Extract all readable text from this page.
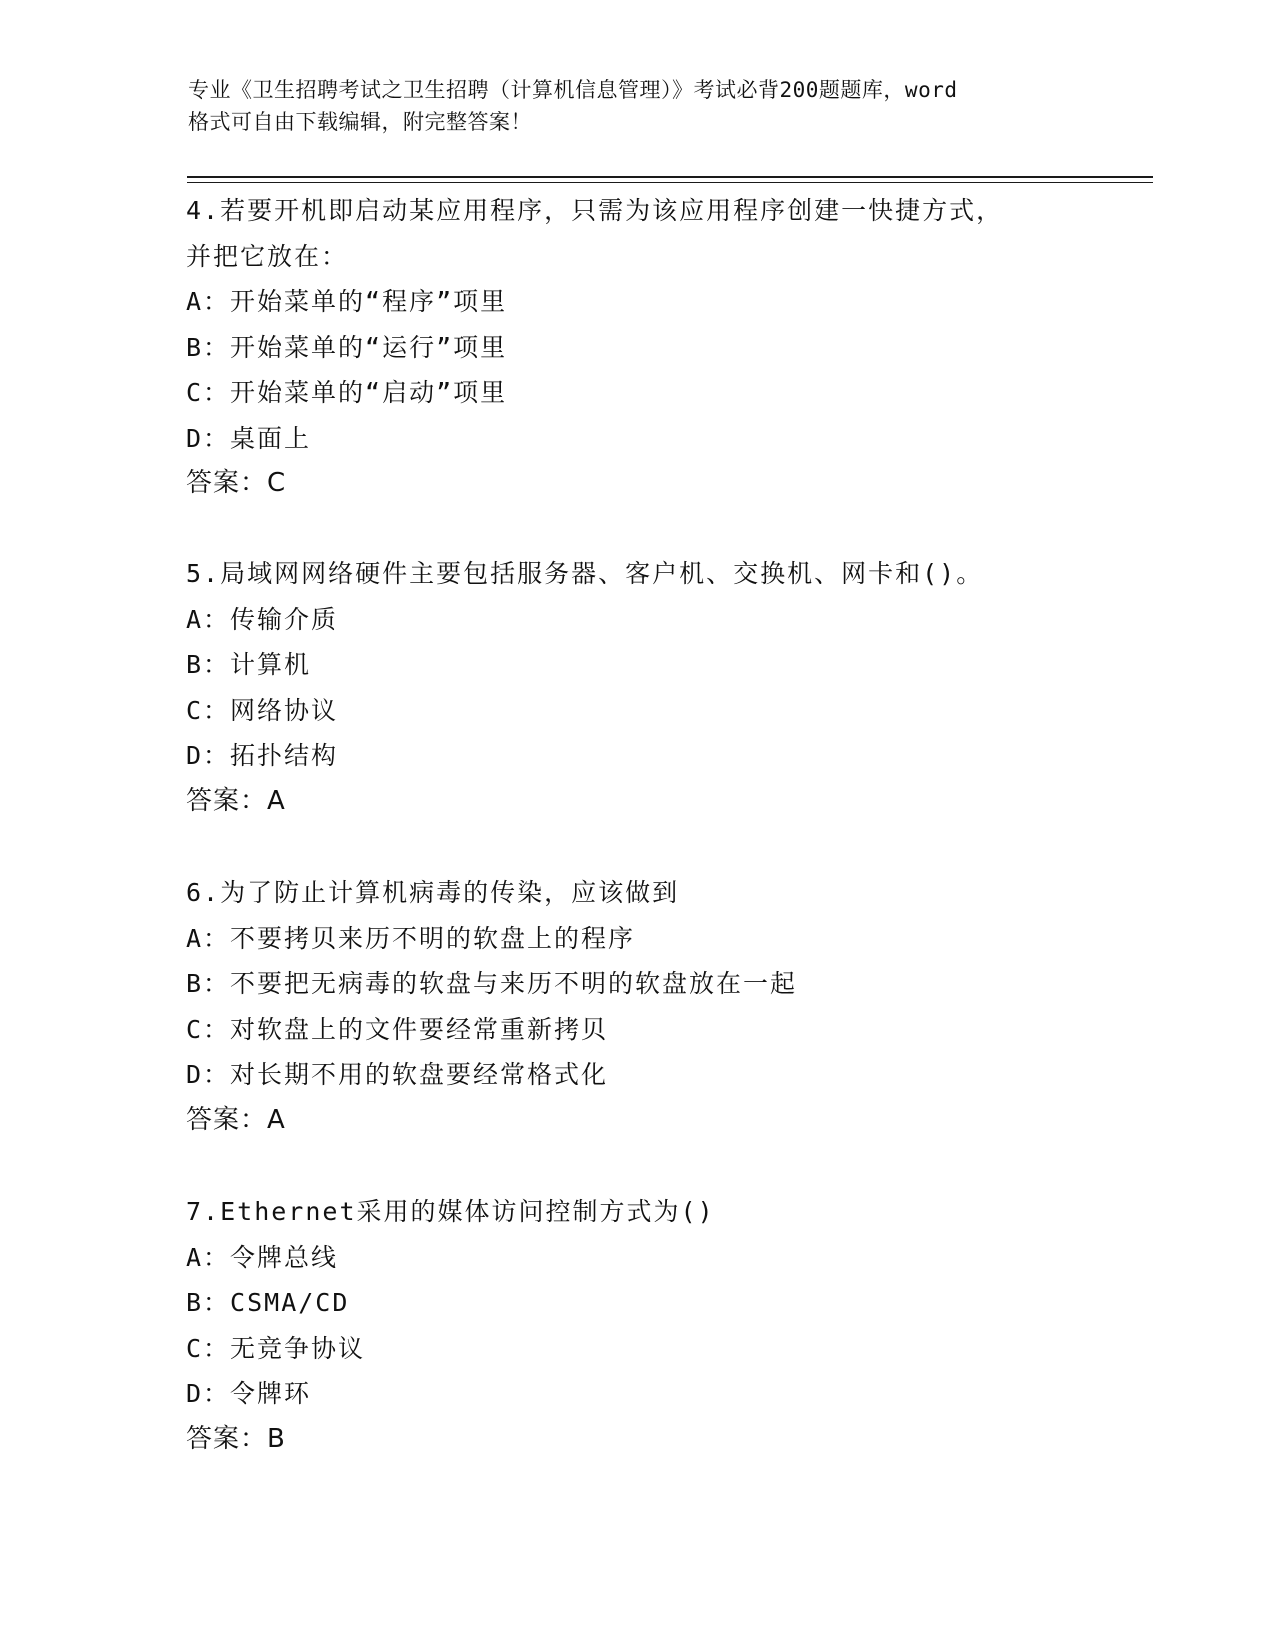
专业《卫生招聘考试之卫生招聘（计算机信息管理）》考试必背200题题库，word

格式可自由下载编辑，附完整答案！

4.若要开机即启动某应用程序，只需为该应用程序创建一快捷方式，

并把它放在：

A：开始菜单的“程序”项里

B：开始菜单的“运行”项里

C：开始菜单的“启动”项里

D：桌面上

答案：C

5.局域网网络硬件主要包括服务器、客户机、交换机、网卡和()。

A：传输介质

B：计算机

C：网络协议

D：拓扑结构

答案：A

6.为了防止计算机病毒的传染，应该做到

A：不要拷贝来历不明的软盘上的程序

B：不要把无病毒的软盘与来历不明的软盘放在一起

C：对软盘上的文件要经常重新拷贝

D：对长期不用的软盘要经常格式化

答案：A

7.Ethernet采用的媒体访问控制方式为()

A：令牌总线

B：CSMA/CD

C：无竞争协议

D：令牌环

答案：B
